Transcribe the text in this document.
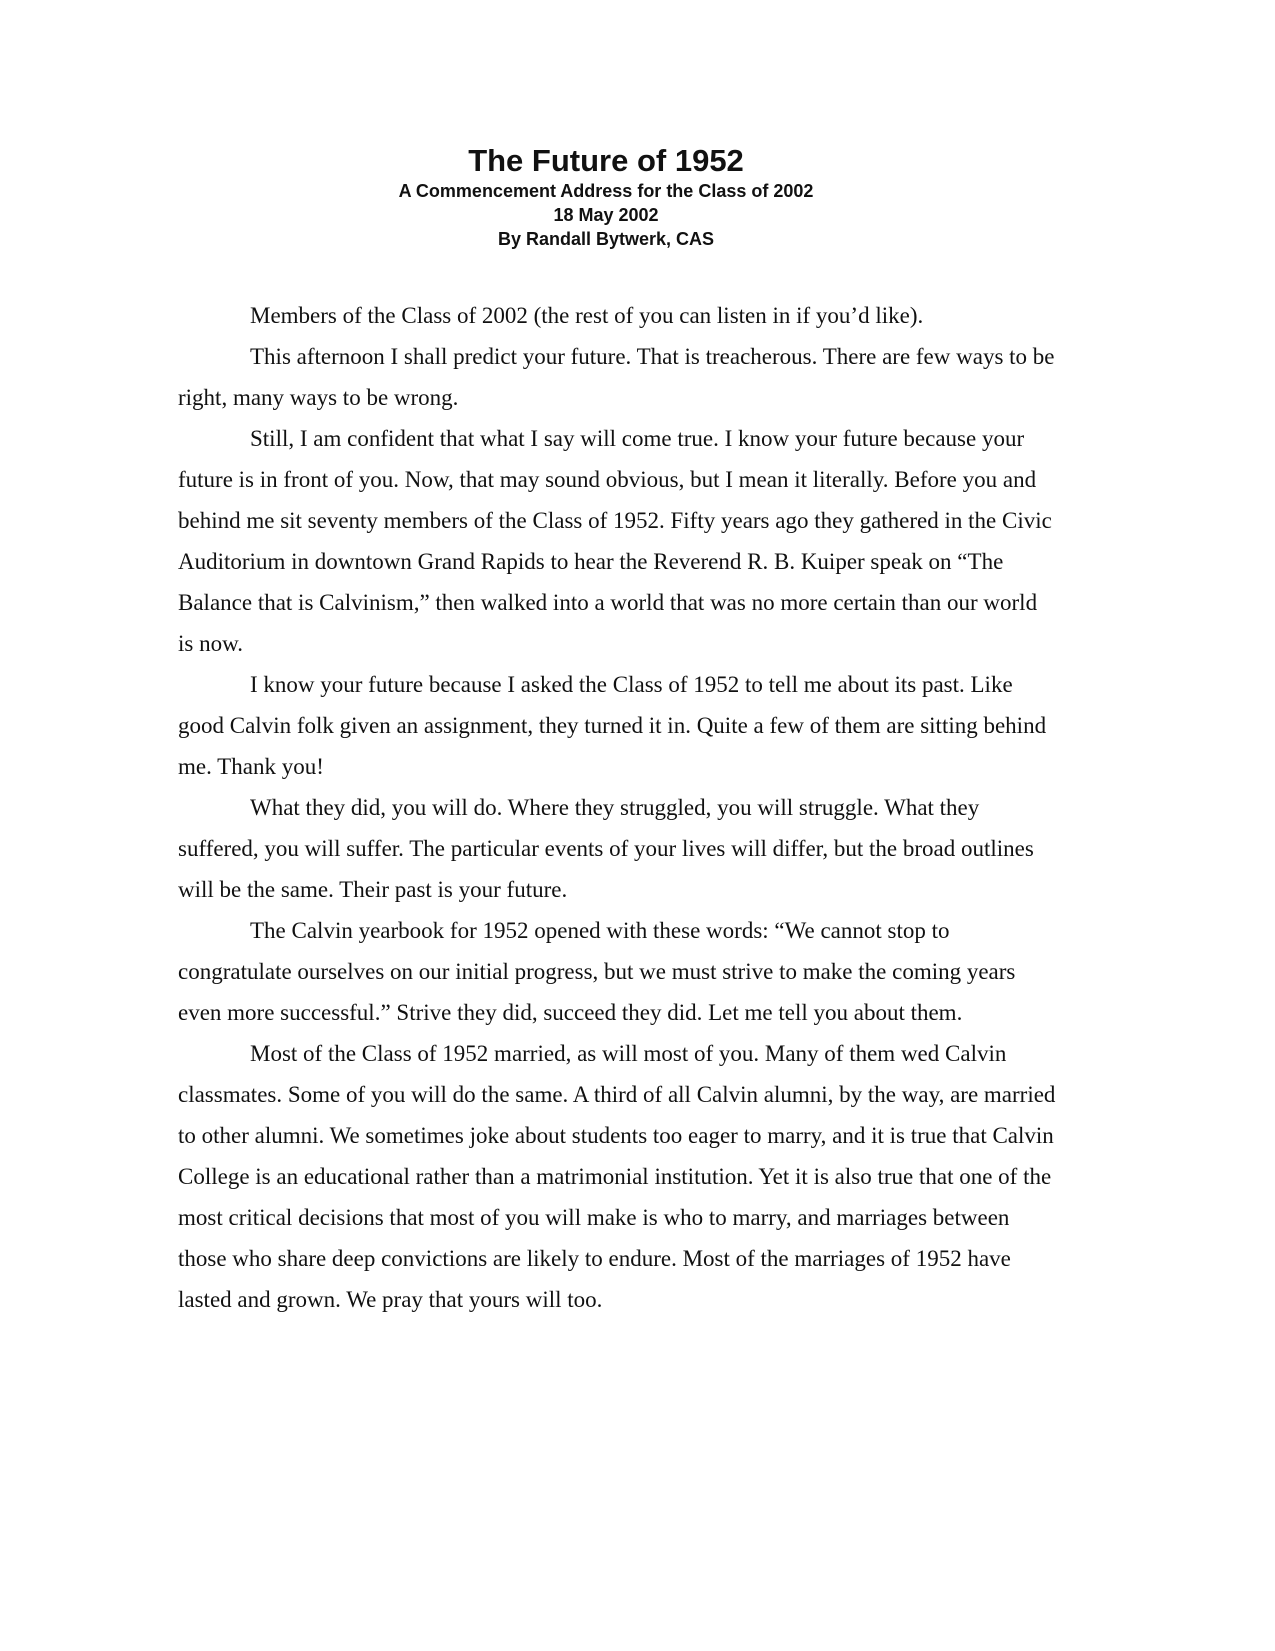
The Future of 1952
A Commencement Address for the Class of 2002
18 May 2002
By Randall Bytwerk, CAS

Members of the Class of 2002 (the rest of you can listen in if you’d like).

This afternoon I shall predict your future. That is treacherous. There are few ways to be right, many ways to be wrong.

Still, I am confident that what I say will come true. I know your future because your future is in front of you. Now, that may sound obvious, but I mean it literally. Before you and behind me sit seventy members of the Class of 1952. Fifty years ago they gathered in the Civic Auditorium in downtown Grand Rapids to hear the Reverend R. B. Kuiper speak on “The Balance that is Calvinism,” then walked into a world that was no more certain than our world is now.

I know your future because I asked the Class of 1952 to tell me about its past. Like good Calvin folk given an assignment, they turned it in. Quite a few of them are sitting behind me. Thank you!

What they did, you will do. Where they struggled, you will struggle. What they suffered, you will suffer. The particular events of your lives will differ, but the broad outlines will be the same. Their past is your future.

The Calvin yearbook for 1952 opened with these words: “We cannot stop to congratulate ourselves on our initial progress, but we must strive to make the coming years even more successful.” Strive they did, succeed they did. Let me tell you about them.

Most of the Class of 1952 married, as will most of you. Many of them wed Calvin classmates. Some of you will do the same. A third of all Calvin alumni, by the way, are married to other alumni. We sometimes joke about students too eager to marry, and it is true that Calvin College is an educational rather than a matrimonial institution. Yet it is also true that one of the most critical decisions that most of you will make is who to marry, and marriages between those who share deep convictions are likely to endure. Most of the marriages of 1952 have lasted and grown. We pray that yours will too.
